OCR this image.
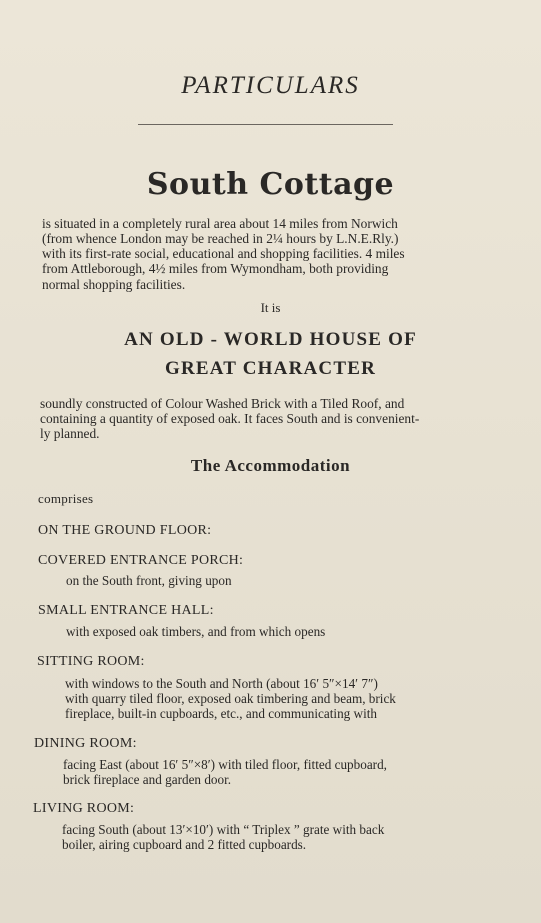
PARTICULARS
South Cottage
is situated in a completely rural area about 14 miles from Norwich
(from whence London may be reached in 2¼ hours by L.N.E.Rly.)
with its first-rate social, educational and shopping facilities. 4 miles
from Attleborough, 4½ miles from Wymondham, both providing
normal shopping facilities.
It is
AN OLD - WORLD HOUSE OF
GREAT CHARACTER
soundly constructed of Colour Washed Brick with a Tiled Roof, and
containing a quantity of exposed oak. It faces South and is convenient-
ly planned.
The Accommodation
comprises
ON THE GROUND FLOOR:
COVERED ENTRANCE PORCH:
on the South front, giving upon
SMALL ENTRANCE HALL:
with exposed oak timbers, and from which opens
SITTING ROOM:
with windows to the South and North (about 16′ 5″×14′ 7″)
with quarry tiled floor, exposed oak timbering and beam, brick
fireplace, built-in cupboards, etc., and communicating with
DINING ROOM:
facing East (about 16′ 5″×8′) with tiled floor, fitted cupboard,
brick fireplace and garden door.
LIVING ROOM:
facing South (about 13′×10′) with “ Triplex ” grate with back
boiler, airing cupboard and 2 fitted cupboards.
